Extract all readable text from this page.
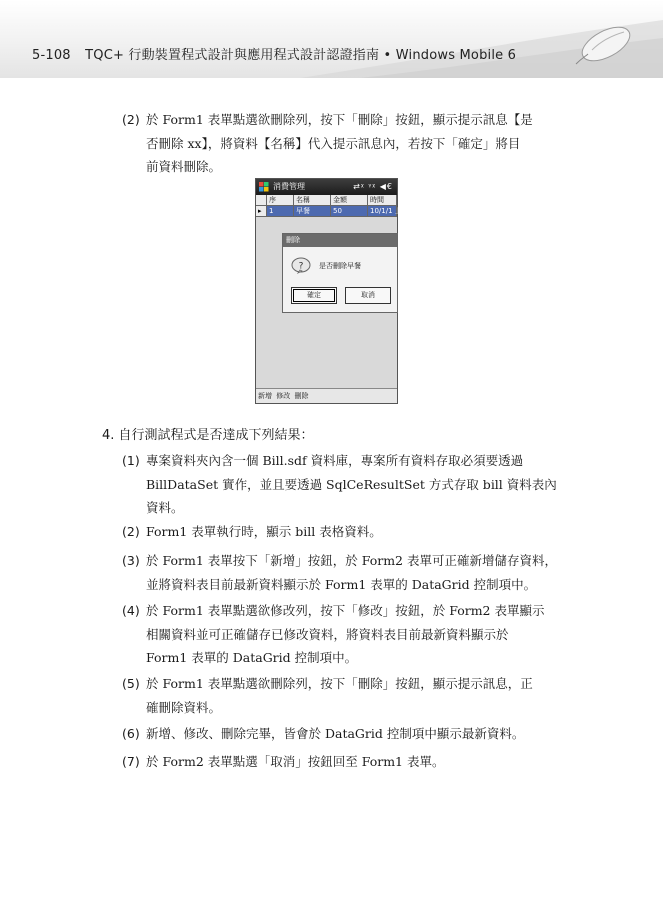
5-108 TQC+ 行動裝置程式設計與應用程式設計認證指南 • Windows Mobile 6
(2) 於 Form1 表單點選欲刪除列，按下「刪除」按鈕，顯示提示訊息【是
否刪除 xx】，將資料【名稱】代入提示訊息內，若按下「確定」將目
前資料刪除。
消費管理	⇄ᵡ ᵞᵡ ◀€
序	名稱	金額	時間
▸	1	早餐	50	10/1/1 上
刪除
? 是否刪除早餐
確定	取消
新增 修改 刪除
4. 自行測試程式是否達成下列結果：
(1) 專案資料夾內含一個 Bill.sdf 資料庫，專案所有資料存取必須要透過
BillDataSet 實作，並且要透過 SqlCeResultSet 方式存取 bill 資料表內
資料。
(2) Form1 表單執行時，顯示 bill 表格資料。
(3) 於 Form1 表單按下「新增」按鈕，於 Form2 表單可正確新增儲存資料，
並將資料表目前最新資料顯示於 Form1 表單的 DataGrid 控制項中。
(4) 於 Form1 表單點選欲修改列，按下「修改」按鈕，於 Form2 表單顯示
相關資料並可正確儲存已修改資料，將資料表目前最新資料顯示於
Form1 表單的 DataGrid 控制項中。
(5) 於 Form1 表單點選欲刪除列，按下「刪除」按鈕，顯示提示訊息，正
確刪除資料。
(6) 新增、修改、刪除完畢，皆會於 DataGrid 控制項中顯示最新資料。
(7) 於 Form2 表單點選「取消」按鈕回至 Form1 表單。
